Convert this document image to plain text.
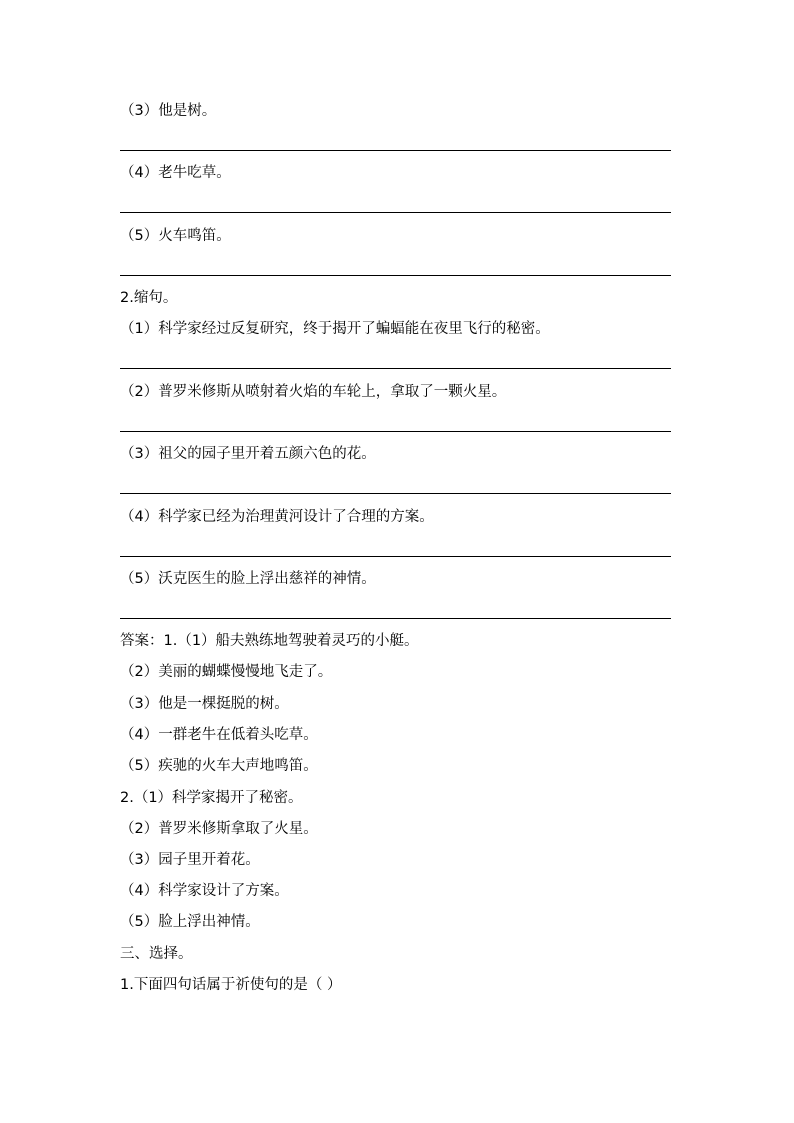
（3）他是树。
（4）老牛吃草。
（5）火车鸣笛。
2.缩句。
（1）科学家经过反复研究，终于揭开了蝙蝠能在夜里飞行的秘密。
（2）普罗米修斯从喷射着火焰的车轮上，拿取了一颗火星。
（3）祖父的园子里开着五颜六色的花。
（4）科学家已经为治理黄河设计了合理的方案。
（5）沃克医生的脸上浮出慈祥的神情。
答案：1.（1）船夫熟练地驾驶着灵巧的小艇。
（2）美丽的蝴蝶慢慢地飞走了。
（3）他是一棵挺脱的树。
（4）一群老牛在低着头吃草。
（5）疾驰的火车大声地鸣笛。
2.（1）科学家揭开了秘密。
（2）普罗米修斯拿取了火星。
（3）园子里开着花。
（4）科学家设计了方案。
（5）脸上浮出神情。
三、选择。
1.下面四句话属于祈使句的是（ ）
